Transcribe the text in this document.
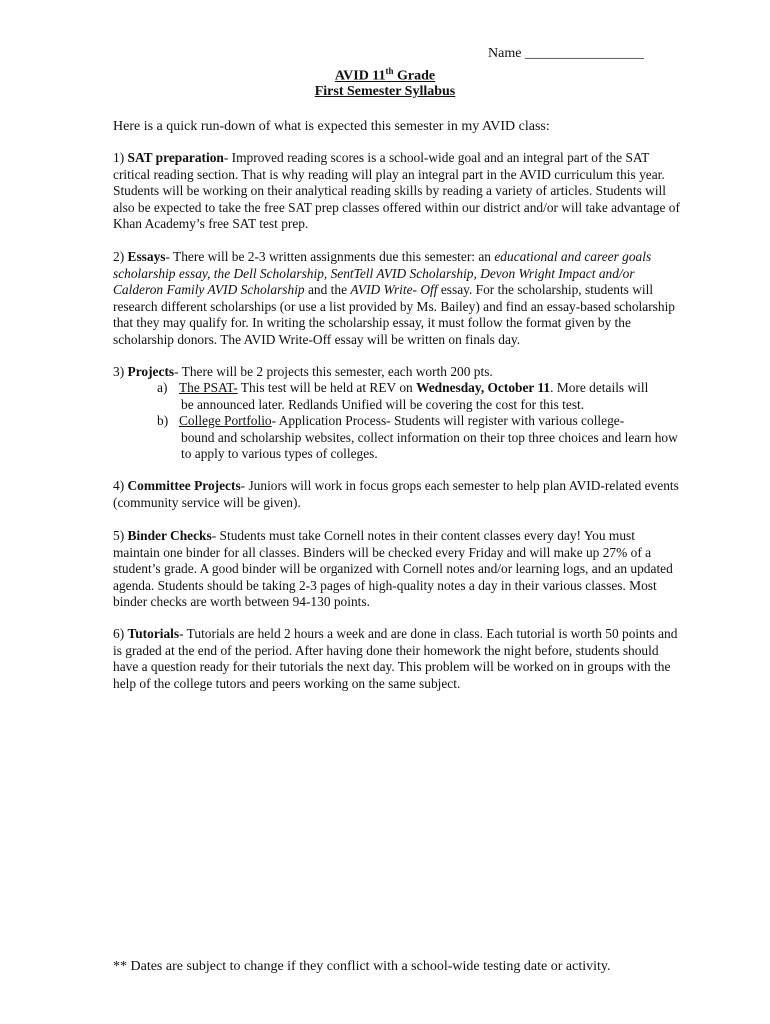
Name _________________
AVID 11th Grade
First Semester Syllabus
Here is a quick run-down of what is expected this semester in my AVID class:

1) SAT preparation- Improved reading scores is a school-wide goal and an integral part of the SAT critical reading section. That is why reading will play an integral part in the AVID curriculum this year. Students will be working on their analytical reading skills by reading a variety of articles. Students will also be expected to take the free SAT prep classes offered within our district and/or will take advantage of Khan Academy’s free SAT test prep.

2) Essays- There will be 2-3 written assignments due this semester: an educational and career goals scholarship essay, the Dell Scholarship, SentTell AVID Scholarship, Devon Wright Impact and/or Calderon Family AVID Scholarship and the AVID Write- Off essay. For the scholarship, students will research different scholarships (or use a list provided by Ms. Bailey) and find an essay-based scholarship that they may qualify for. In writing the scholarship essay, it must follow the format given by the scholarship donors. The AVID Write-Off essay will be written on finals day.

3) Projects- There will be 2 projects this semester, each worth 200 pts.

a) The PSAT- This test will be held at REV on Wednesday, October 11. More details will
be announced later. Redlands Unified will be covering the cost for this test.
b) College Portfolio- Application Process- Students will register with various college-
bound and scholarship websites, collect information on their top three choices and learn how to apply to various types of colleges.

4) Committee Projects- Juniors will work in focus grops each semester to help plan AVID-related events (community service will be given).

5) Binder Checks- Students must take Cornell notes in their content classes every day! You must maintain one binder for all classes. Binders will be checked every Friday and will make up 27% of a student’s grade. A good binder will be organized with Cornell notes and/or learning logs, and an updated agenda. Students should be taking 2-3 pages of high-quality notes a day in their various classes. Most binder checks are worth between 94-130 points.

6) Tutorials- Tutorials are held 2 hours a week and are done in class. Each tutorial is worth 50 points and is graded at the end of the period. After having done their homework the night before, students should have a question ready for their tutorials the next day. This problem will be worked on in groups with the help of the college tutors and peers working on the same subject.

** Dates are subject to change if they conflict with a school-wide testing date or activity.
